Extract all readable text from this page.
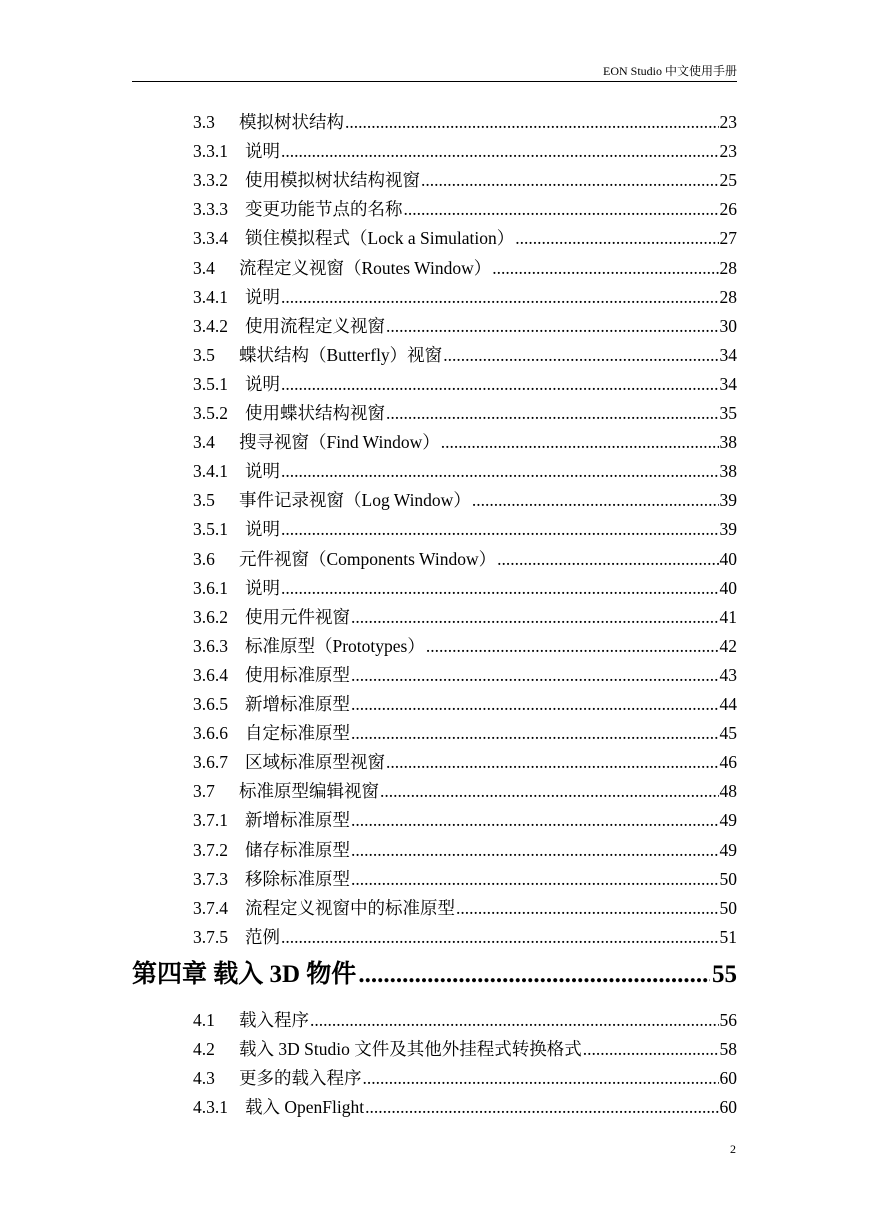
EON Studio 中文使用手册
3.3	模拟树状结构 .....	23
3.3.1 说明 .....	23
3.3.2 使用模拟树状结构视窗 .....	25
3.3.3 变更功能节点的名称 .....	26
3.3.4 锁住模拟程式（Lock a Simulation） .....	27
3.4	流程定义视窗（Routes Window） .....	28
3.4.1 说明 .....	28
3.4.2 使用流程定义视窗 .....	30
3.5	蝶状结构（Butterfly）视窗 .....	34
3.5.1 说明 .....	34
3.5.2 使用蝶状结构视窗 .....	35
3.4	搜寻视窗（Find Window） .....	38
3.4.1 说明 .....	38
3.5	事件记录视窗（Log Window） .....	39
3.5.1 说明 .....	39
3.6	元件视窗（Components Window） .....	40
3.6.1 说明 .....	40
3.6.2 使用元件视窗 .....	41
3.6.3 标准原型（Prototypes） .....	42
3.6.4 使用标准原型 .....	43
3.6.5 新增标准原型 .....	44
3.6.6 自定标准原型 .....	45
3.6.7 区域标准原型视窗 .....	46
3.7	标准原型编辑视窗 .....	48
3.7.1 新增标准原型 .....	49
3.7.2 储存标准原型 .....	49
3.7.3 移除标准原型 .....	50
3.7.4 流程定义视窗中的标准原型 .....	50
3.7.5 范例 .....	51
第四章 载入 3D 物件 .....	55
4.1	载入程序 .....	56
4.2	载入 3D Studio 文件及其他外挂程式转换格式 .....	58
4.3	更多的载入程序 .....	60
4.3.1 载入 OpenFlight .....	60
2
